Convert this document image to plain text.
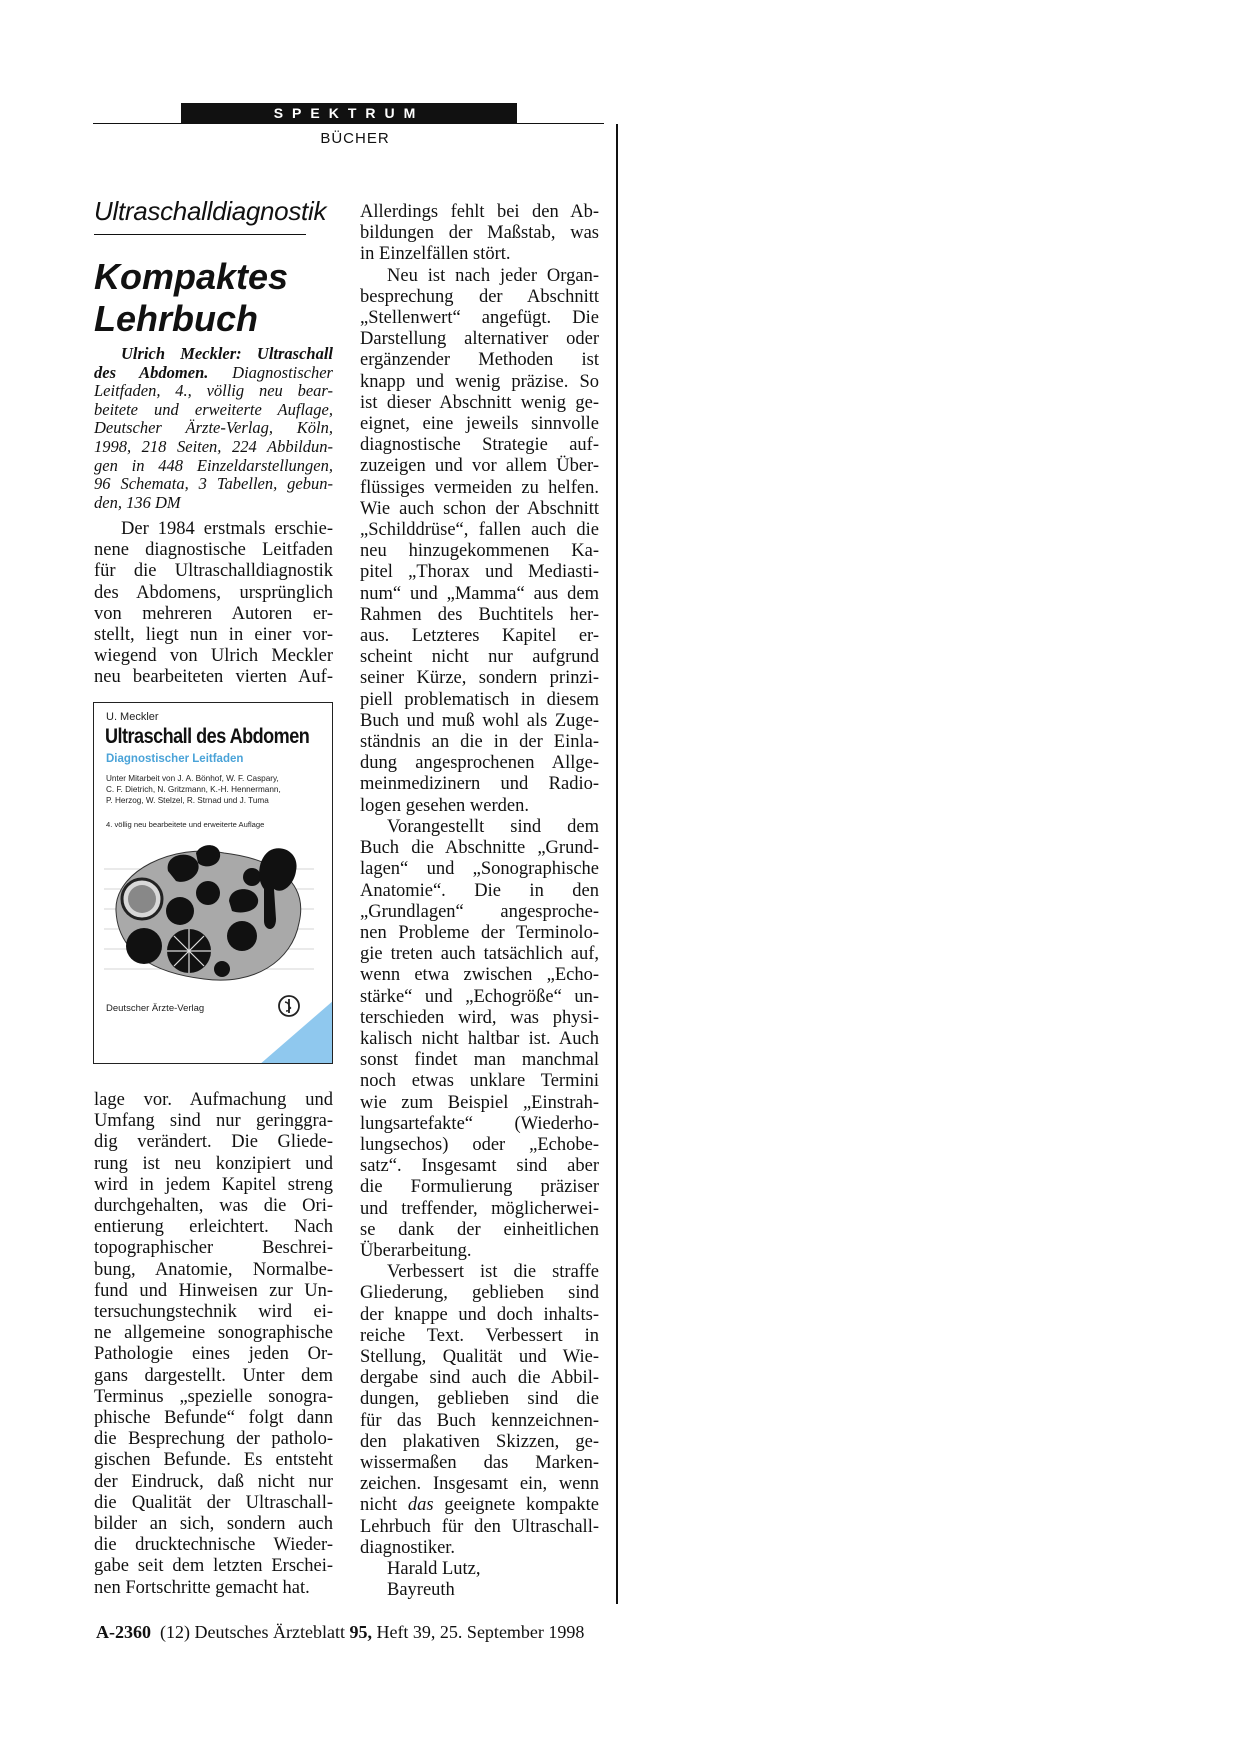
SPEKTRUM
BÜCHER
Ultraschalldiagnostik
Kompaktes
Lehrbuch
Ulrich Meckler: Ultraschall
des Abdomen. Diagnostischer
Leitfaden, 4., völlig neu bear-
beitete und erweiterte Auflage,
Deutscher Ärzte-Verlag, Köln,
1998, 218 Seiten, 224 Abbildun-
gen in 448 Einzeldarstellungen,
96 Schemata, 3 Tabellen, gebun-
den, 136 DM
Der 1984 erstmals erschie-
nene diagnostische Leitfaden
für die Ultraschalldiagnostik
des Abdomens, ursprünglich
von mehreren Autoren er-
stellt, liegt nun in einer vor-
wiegend von Ulrich Meckler
neu bearbeiteten vierten Auf-
U. Meckler
Ultraschall des Abdomen
Diagnostischer Leitfaden
Unter Mitarbeit von J. A. Bönhof, W. F. Caspary,
C. F. Dietrich, N. Gritzmann, K.-H. Hennermann,
P. Herzog, W. Stelzel, R. Strnad und J. Tuma
4. völlig neu bearbeitete und erweiterte Auflage
Deutscher Ärzte-Verlag
lage vor. Aufmachung und
Umfang sind nur geringgra-
dig verändert. Die Gliede-
rung ist neu konzipiert und
wird in jedem Kapitel streng
durchgehalten, was die Ori-
entierung erleichtert. Nach
topographischer Beschrei-
bung, Anatomie, Normalbe-
fund und Hinweisen zur Un-
tersuchungstechnik wird ei-
ne allgemeine sonographische
Pathologie eines jeden Or-
gans dargestellt. Unter dem
Terminus „spezielle sonogra-
phische Befunde“ folgt dann
die Besprechung der patholo-
gischen Befunde. Es entsteht
der Eindruck, daß nicht nur
die Qualität der Ultraschall-
bilder an sich, sondern auch
die drucktechnische Wieder-
gabe seit dem letzten Erschei-
nen Fortschritte gemacht hat.
Allerdings fehlt bei den Ab-
bildungen der Maßstab, was
in Einzelfällen stört.
Neu ist nach jeder Organ-
besprechung der Abschnitt
„Stellenwert“ angefügt. Die
Darstellung alternativer oder
ergänzender Methoden ist
knapp und wenig präzise. So
ist dieser Abschnitt wenig ge-
eignet, eine jeweils sinnvolle
diagnostische Strategie auf-
zuzeigen und vor allem Über-
flüssiges vermeiden zu helfen.
Wie auch schon der Abschnitt
„Schilddrüse“, fallen auch die
neu hinzugekommenen Ka-
pitel „Thorax und Mediasti-
num“ und „Mamma“ aus dem
Rahmen des Buchtitels her-
aus. Letzteres Kapitel er-
scheint nicht nur aufgrund
seiner Kürze, sondern prinzi-
piell problematisch in diesem
Buch und muß wohl als Zuge-
ständnis an die in der Einla-
dung angesprochenen Allge-
meinmedizinern und Radio-
logen gesehen werden.
Vorangestellt sind dem
Buch die Abschnitte „Grund-
lagen“ und „Sonographische
Anatomie“. Die in den
„Grundlagen“ angesproche-
nen Probleme der Terminolo-
gie treten auch tatsächlich auf,
wenn etwa zwischen „Echo-
stärke“ und „Echogröße“ un-
terschieden wird, was physi-
kalisch nicht haltbar ist. Auch
sonst findet man manchmal
noch etwas unklare Termini
wie zum Beispiel „Einstrah-
lungsartefakte“ (Wiederho-
lungsechos) oder „Echobe-
satz“. Insgesamt sind aber
die Formulierung präziser
und treffender, möglicherwei-
se dank der einheitlichen
Überarbeitung.
Verbessert ist die straffe
Gliederung, geblieben sind
der knappe und doch inhalts-
reiche Text. Verbessert in
Stellung, Qualität und Wie-
dergabe sind auch die Abbil-
dungen, geblieben sind die
für das Buch kennzeichnen-
den plakativen Skizzen, ge-
wissermaßen das Marken-
zeichen. Insgesamt ein, wenn
nicht das geeignete kompakte
Lehrbuch für den Ultraschall-
diagnostiker.
Harald Lutz,
Bayreuth
A-2360 (12) Deutsches Ärzteblatt 95, Heft 39, 25. September 1998
